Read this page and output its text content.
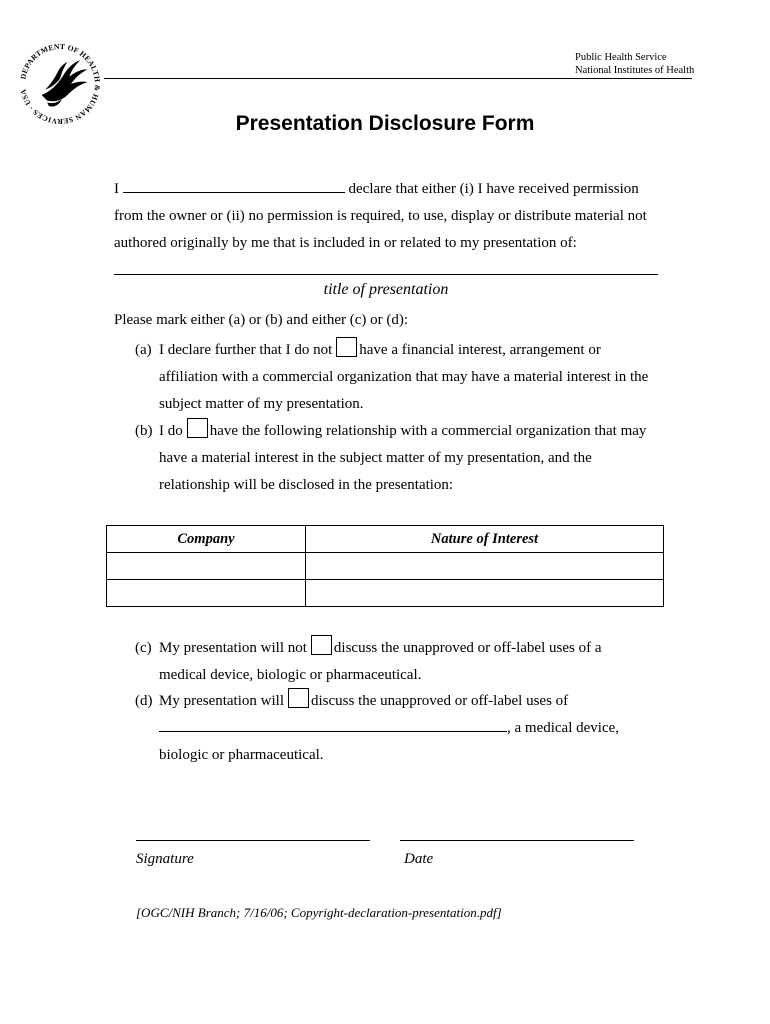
DEPARTMENT OF HEALTH & HUMAN SERVICES · USA
Public Health Service
National Institutes of Health
Presentation Disclosure Form
I	declare that either (i) I have received permission
from the owner or (ii) no permission is required, to use, display or distribute material not
authored originally by me that is included in or related to my presentation of:
title of presentation
Please mark either (a) or (b) and either (c) or (d):
(a) I declare further that I do not have a financial interest, arrangement or
affiliation with a commercial organization that may have a material interest in the
subject matter of my presentation.
(b) I do have the following relationship with a commercial organization that may
have a material interest in the subject matter of my presentation, and the
relationship will be disclosed in the presentation:
Company	Nature of Interest

(c) My presentation will not discuss the unapproved or off-label uses of a
medical device, biologic or pharmaceutical.
(d) My presentation will discuss the unapproved or off-label uses of
, a medical device,
biologic or pharmaceutical.
Signature	Date
[OGC/NIH Branch; 7/16/06; Copyright-declaration-presentation.pdf]
